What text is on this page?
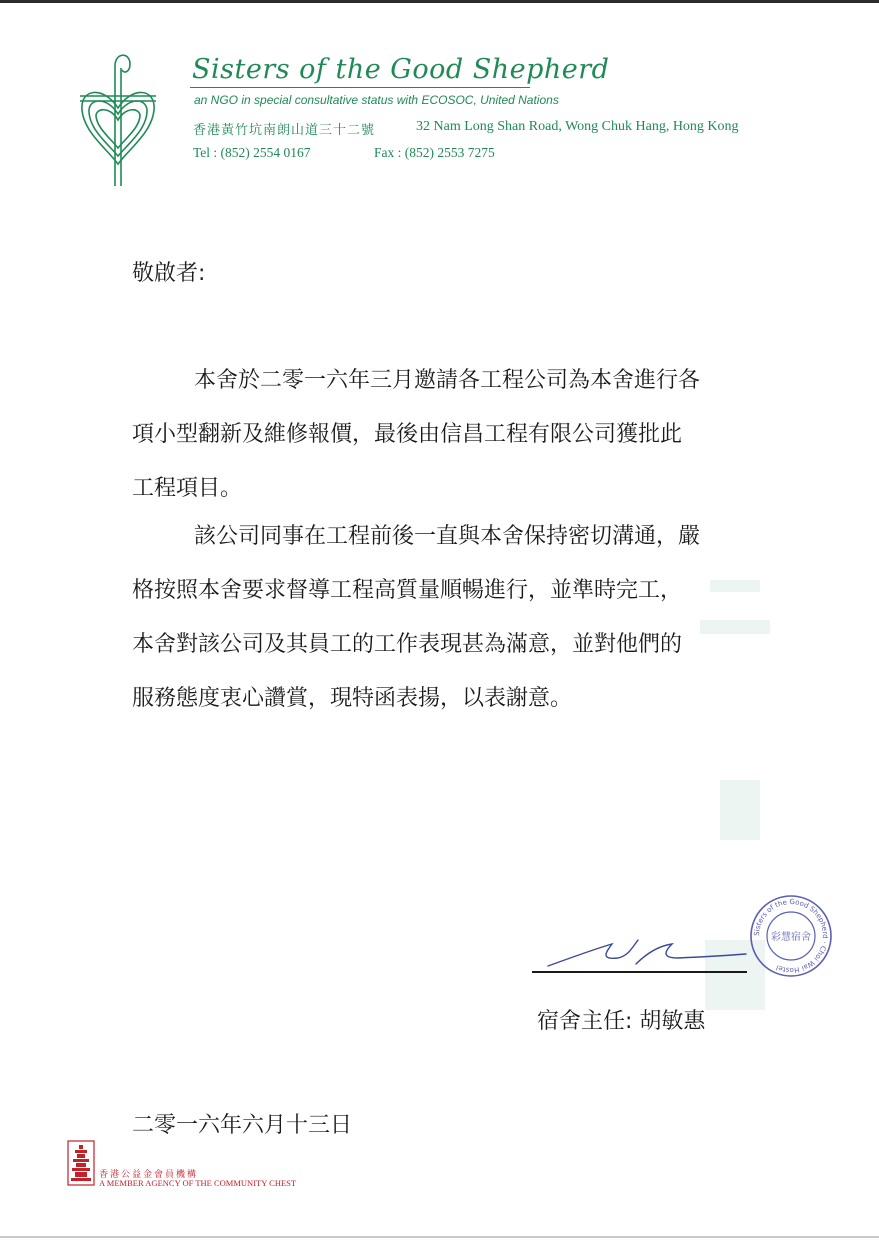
Sisters of the Good Shepherd
an NGO in special consultative status with ECOSOC, United Nations
香港黃竹坑南朗山道三十二號	32 Nam Long Shan Road, Wong Chuk Hang, Hong Kong
Tel : (852) 2554 0167	Fax : (852) 2553 7275
敬啟者:
本舍於二零一六年三月邀請各工程公司為本舍進行各
項小型翻新及維修報價，最後由信昌工程有限公司獲批此
工程項目。
該公司同事在工程前後一直與本舍保持密切溝通，嚴
格按照本舍要求督導工程高質量順暢進行，並準時完工，
本舍對該公司及其員工的工作表現甚為滿意，並對他們的
服務態度衷心讚賞，現特函表揚，以表謝意。
Sisters of the Good Shepherd · Choi Wai Hostel
彩慧宿舍
宿舍主任: 胡敏惠
二零一六年六月十三日
香港公益金會員機構
A MEMBER AGENCY OF THE COMMUNITY CHEST
